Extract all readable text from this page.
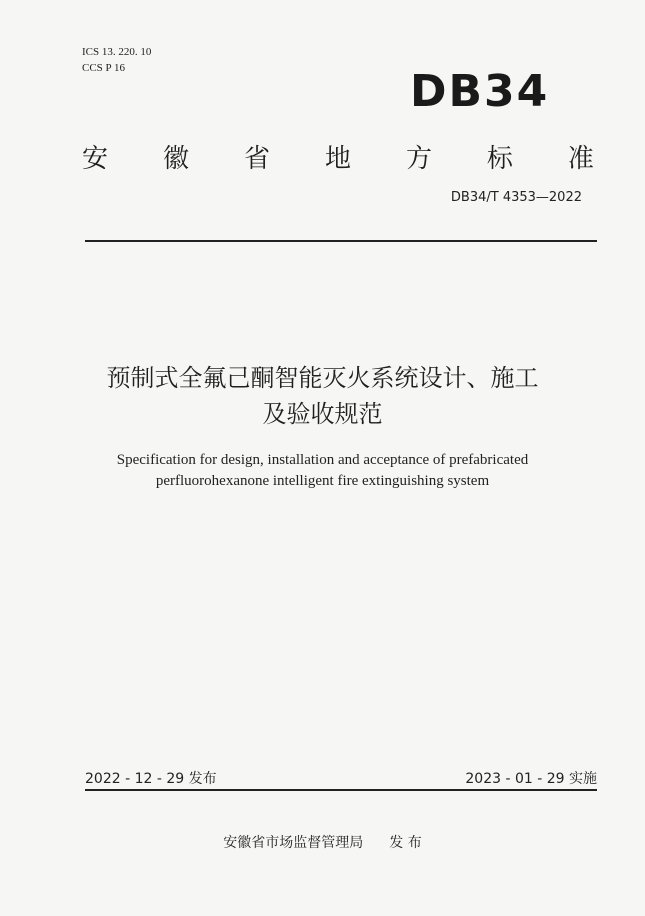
ICS 13. 220. 10
CCS P 16	DB34
安 徽 省 地 方 标 准
DB34/T 4353—2022
预制式全氟己酮智能灭火系统设计、施工
及验收规范
Specification for design, installation and acceptance of prefabricated
perfluorohexanone intelligent fire extinguishing system
2022 - 12 - 29 发布	2023 - 01 - 29 实施
安徽省市场监督管理局 发 布
